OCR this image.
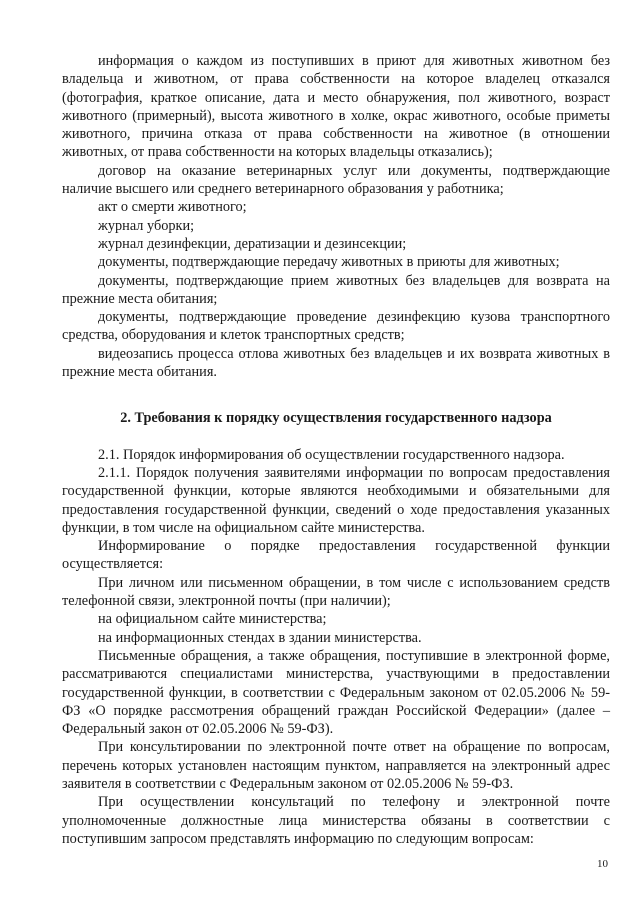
информация о каждом из поступивших в приют для животных животном без владельца и животном, от права собственности на которое владелец отказался (фотография, краткое описание, дата и место обнаружения, пол животного, возраст животного (примерный), высота животного в холке, окрас животного, особые приметы животного, причина отказа от права собственности на животное (в отношении животных, от права собственности на которых владельцы отказались);

договор на оказание ветеринарных услуг или документы, подтверждающие наличие высшего или среднего ветеринарного образования у работника;

акт о смерти животного;

журнал уборки;

журнал дезинфекции, дератизации и дезинсекции;

документы, подтверждающие передачу животных в приюты для животных;

документы, подтверждающие прием животных без владельцев для возврата на прежние места обитания;

документы, подтверждающие проведение дезинфекцию кузова транспортного средства, оборудования и клеток транспортных средств;

видеозапись процесса отлова животных без владельцев и их возврата животных в прежние места обитания.

2. Требования к порядку осуществления государственного надзора

2.1. Порядок информирования об осуществлении государственного надзора.

2.1.1. Порядок получения заявителями информации по вопросам предоставления государственной функции, которые являются необходимыми и обязательными для предоставления государственной функции, сведений о ходе предоставления указанных функции, в том числе на официальном сайте министерства.

Информирование о порядке предоставления государственной функции осуществляется:

При личном или письменном обращении, в том числе с использованием средств телефонной связи, электронной почты (при наличии);

на официальном сайте министерства;

на информационных стендах в здании министерства.

Письменные обращения, а также обращения, поступившие в электронной форме, рассматриваются специалистами министерства, участвующими в предоставлении государственной функции, в соответствии с Федеральным законом от 02.05.2006 № 59-ФЗ «О порядке рассмотрения обращений граждан Российской Федерации» (далее – Федеральный закон от 02.05.2006 № 59-ФЗ).

При консультировании по электронной почте ответ на обращение по вопросам, перечень которых установлен настоящим пунктом, направляется на электронный адрес заявителя в соответствии с Федеральным законом от 02.05.2006 № 59-ФЗ.

При осуществлении консультаций по телефону и электронной почте уполномоченные должностные лица министерства обязаны в соответствии с поступившим запросом представлять информацию по следующим вопросам:

10
